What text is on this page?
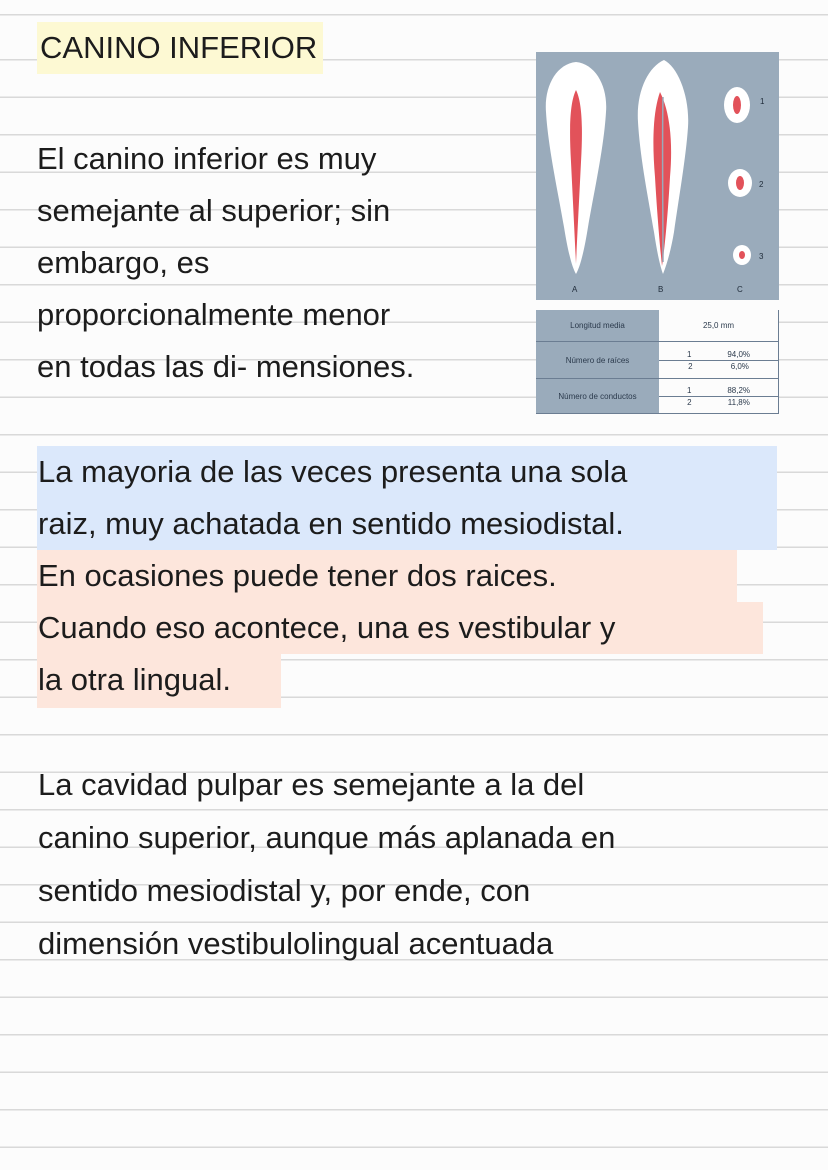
CANINO INFERIOR

El canino inferior es muy
semejante al superior; sin
embargo, es
proporcionalmente menor
en todas las di- mensiones.

1
2
3
A	B	C
Longitud media	25,0 mm
Número de raíces
1	94,0%
2	6,0%
Número de conductos
1	88,2%
2	11,8%

La mayoria de las veces presenta una sola
raiz, muy achatada en sentido mesiodistal.
En ocasiones puede tener dos raices.
Cuando eso acontece, una es vestibular y
la otra lingual.

La cavidad pulpar es semejante a la del
canino superior, aunque más aplanada en
sentido mesiodistal y, por ende, con
dimensión vestibulolingual acentuada
